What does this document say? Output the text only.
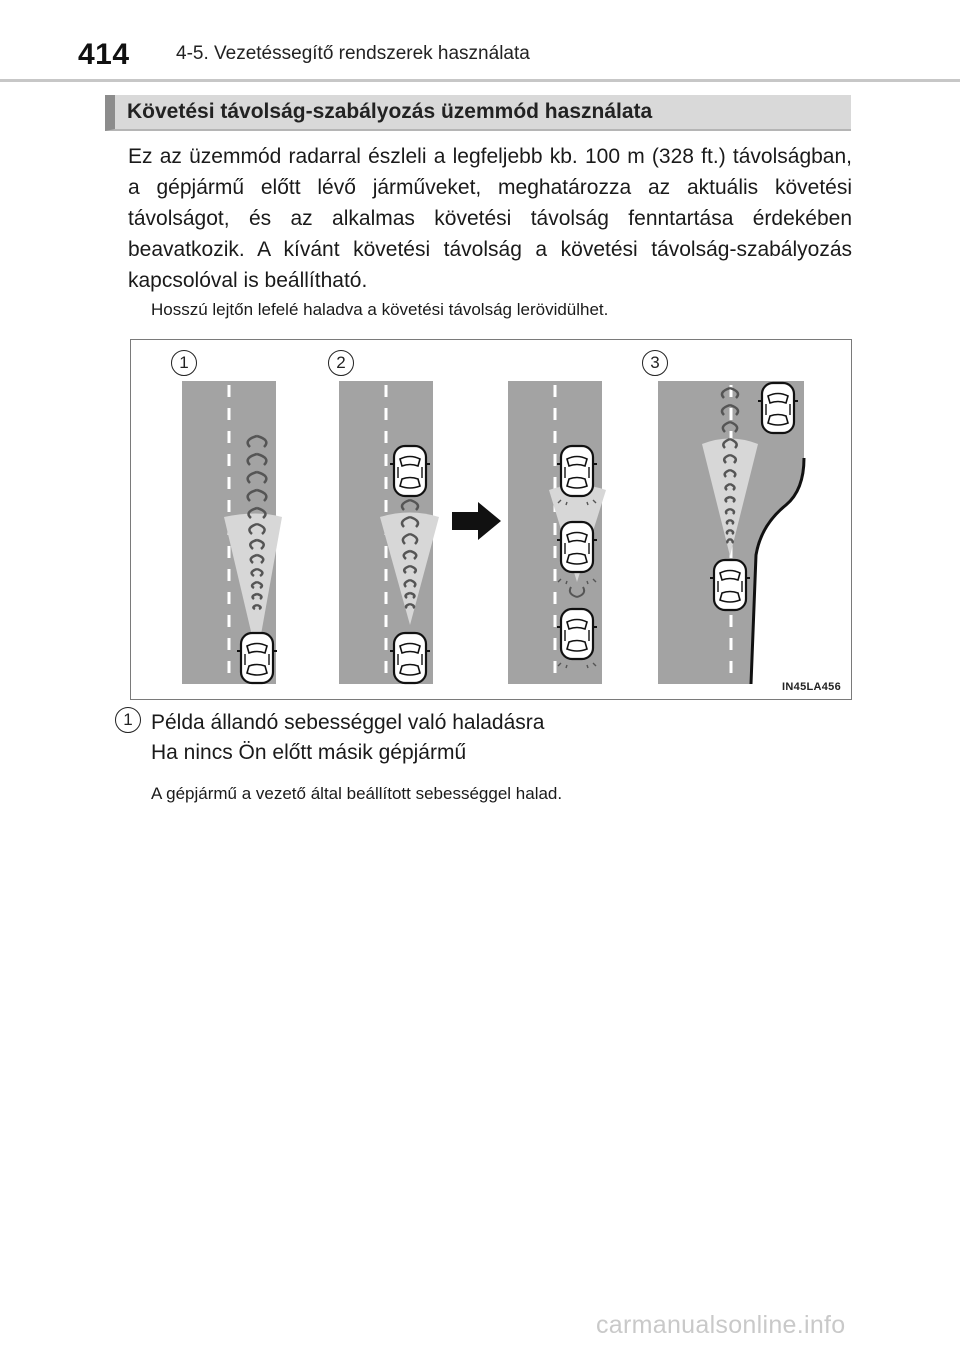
414 4-5. Vezetéssegítő rendszerek használata
Követési távolság-szabályozás üzemmód használata
Ez az üzemmód radarral észleli a legfeljebb kb. 100 m (328 ft.) távolságban, a gépjármű előtt lévő járműveket, meghatározza az aktuális követési távolságot, és az alkalmas követési távolság fenntartása érdekében beavatkozik. A kívánt követési távolság a követési távolság-szabályozás kapcsolóval is beállítható.
Hosszú lejtőn lefelé haladva a követési távolság lerövidülhet.
1	2	3
IN45LA456
1 Példa állandó sebességgel való haladásra
Ha nincs Ön előtt másik gépjármű
A gépjármű a vezető által beállított sebességgel halad.
carmanualsonline.info
